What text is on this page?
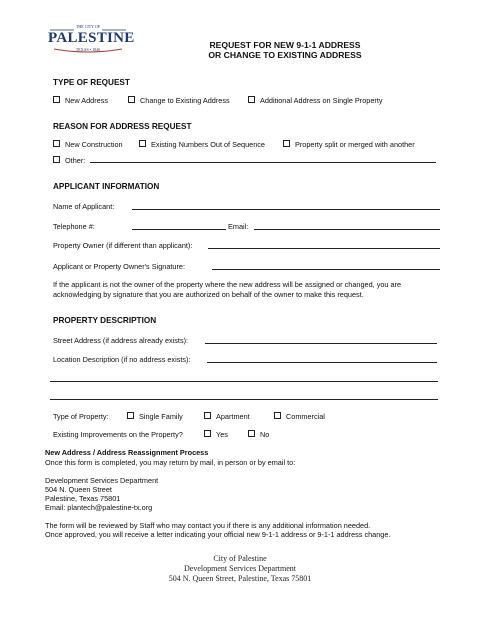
THE CITY OF
PALESTINE
TEXAS • 1846	REQUEST FOR NEW 9-1-1 ADDRESS
OR CHANGE TO EXISTING ADDRESS
TYPE OF REQUEST
New Address	Change to Existing Address	Additional Address on Single Property
REASON FOR ADDRESS REQUEST
New Construction	Existing Numbers Out of Sequence	Property split or merged with another
Other:
APPLICANT INFORMATION
Name of Applicant:
Telephone #:	Email:
Property Owner (if different than applicant):
Applicant or Property Owner's Signature:
If the applicant is not the owner of the property where the new address will be assigned or changed, you are acknowledging by signature that you are authorized on behalf of the owner to make this request.
PROPERTY DESCRIPTION
Street Address (if address already exists):
Location Description (if no address exists):
Type of Property:	Single Family	Apartment	Commercial
Existing Improvements on the Property?	Yes	No
New Address / Address Reassignment Process
Once this form is completed, you may return by mail, in person or by email to:
Development Services Department
504 N. Queen Street
Palestine, Texas 75801
Email: plantech@palestine-tx.org
The form will be reviewed by Staff who may contact you if there is any additional information needed.
Once approved, you will receive a letter indicating your official new 9-1-1 address or 9-1-1 address change.
City of Palestine
Development Services Department
504 N. Queen Street, Palestine, Texas 75801
